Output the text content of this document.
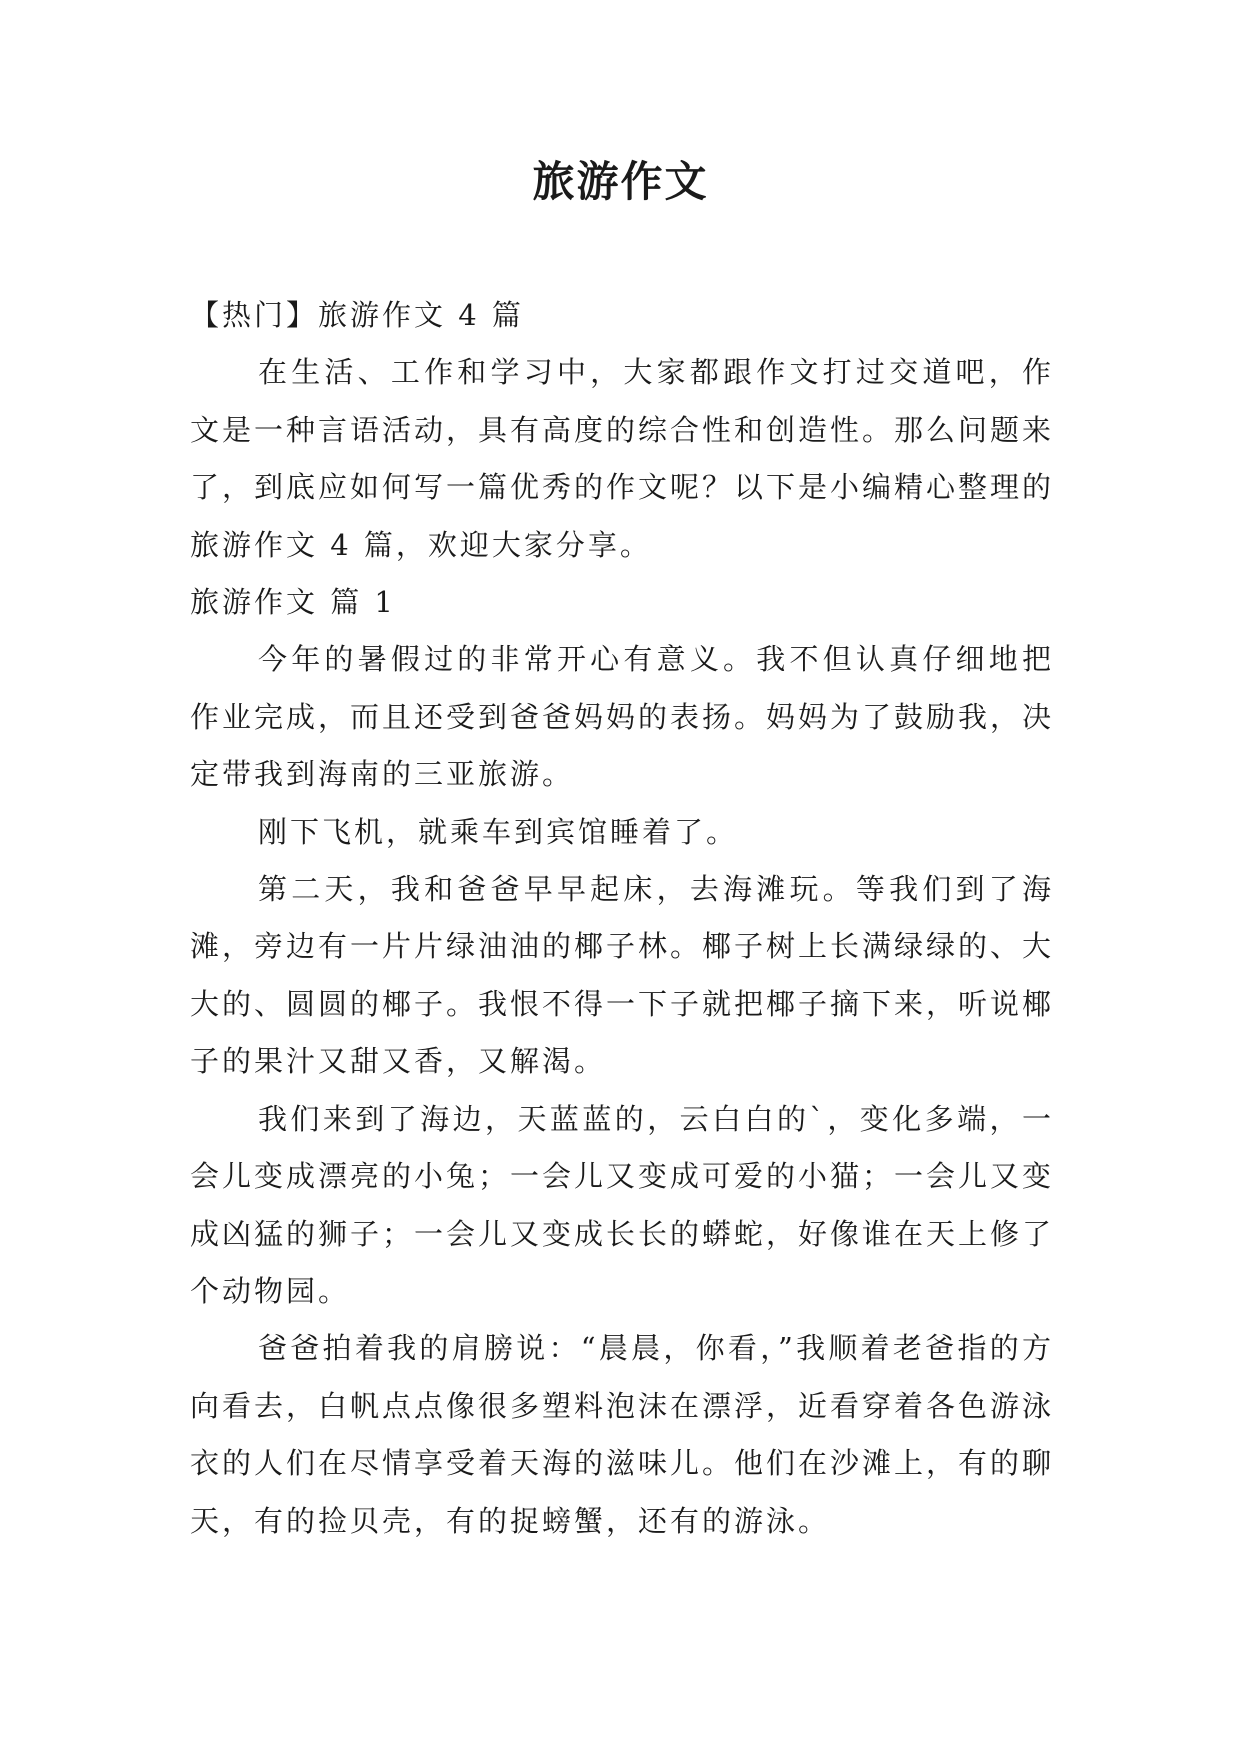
旅游作文

【热门】旅游作文 4 篇

在生活、工作和学习中，大家都跟作文打过交道吧，作文是一种言语活动，具有高度的综合性和创造性。那么问题来了，到底应如何写一篇优秀的作文呢？以下是小编精心整理的旅游作文 4 篇，欢迎大家分享。

旅游作文 篇 1

今年的暑假过的非常开心有意义。我不但认真仔细地把作业完成，而且还受到爸爸妈妈的表扬。妈妈为了鼓励我，决定带我到海南的三亚旅游。

刚下飞机，就乘车到宾馆睡着了。

第二天，我和爸爸早早起床，去海滩玩。等我们到了海滩，旁边有一片片绿油油的椰子林。椰子树上长满绿绿的、大大的、圆圆的椰子。我恨不得一下子就把椰子摘下来，听说椰子的果汁又甜又香，又解渴。

我们来到了海边，天蓝蓝的，云白白的`，变化多端，一会儿变成漂亮的小兔；一会儿又变成可爱的小猫；一会儿又变成凶猛的狮子；一会儿又变成长长的蟒蛇，好像谁在天上修了个动物园。

爸爸拍着我的肩膀说：“晨晨，你看，”我顺着老爸指的方向看去，白帆点点像很多塑料泡沫在漂浮，近看穿着各色游泳衣的人们在尽情享受着天海的滋味儿。他们在沙滩上，有的聊天，有的捡贝壳，有的捉螃蟹，还有的游泳。
